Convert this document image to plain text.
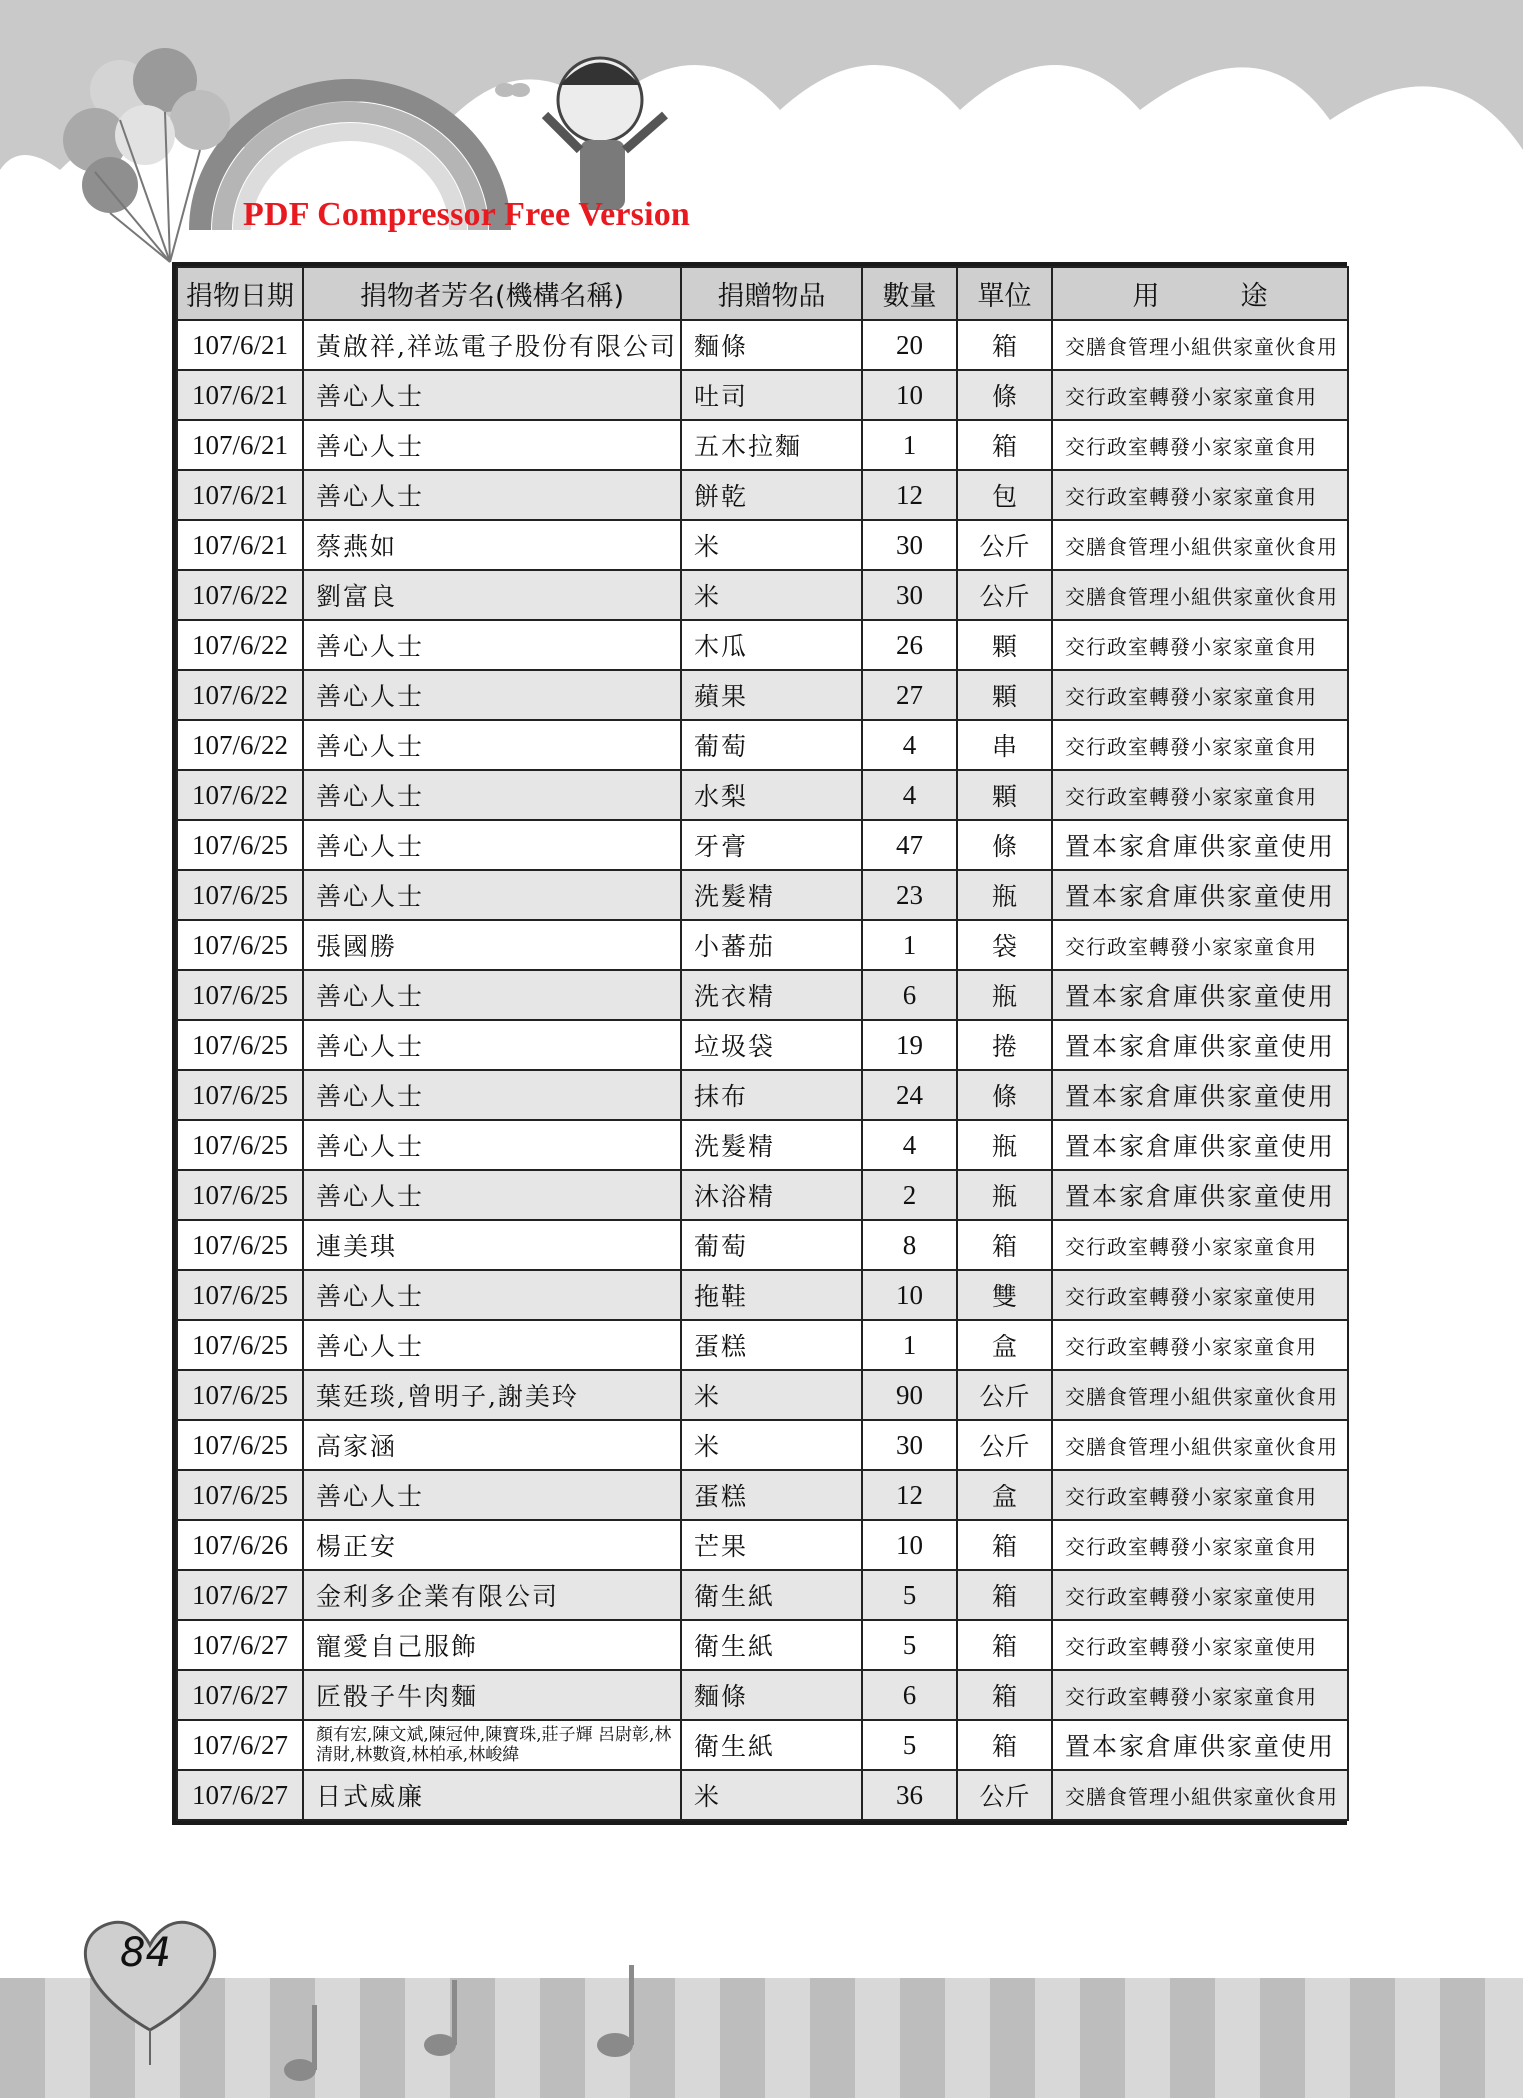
PDF Compressor Free Version
捐物日期	捐物者芳名(機構名稱)	捐贈物品	數量	單位	用　　　途
107/6/21	黃啟祥,祥竑電子股份有限公司	麵條	20	箱	交膳食管理小組供家童伙食用
107/6/21	善心人士	吐司	10	條	交行政室轉發小家家童食用
107/6/21	善心人士	五木拉麵	1	箱	交行政室轉發小家家童食用
107/6/21	善心人士	餅乾	12	包	交行政室轉發小家家童食用
107/6/21	蔡燕如	米	30	公斤	交膳食管理小組供家童伙食用
107/6/22	劉富良	米	30	公斤	交膳食管理小組供家童伙食用
107/6/22	善心人士	木瓜	26	顆	交行政室轉發小家家童食用
107/6/22	善心人士	蘋果	27	顆	交行政室轉發小家家童食用
107/6/22	善心人士	葡萄	4	串	交行政室轉發小家家童食用
107/6/22	善心人士	水梨	4	顆	交行政室轉發小家家童食用
107/6/25	善心人士	牙膏	47	條	置本家倉庫供家童使用
107/6/25	善心人士	洗髮精	23	瓶	置本家倉庫供家童使用
107/6/25	張國勝	小蕃茄	1	袋	交行政室轉發小家家童食用
107/6/25	善心人士	洗衣精	6	瓶	置本家倉庫供家童使用
107/6/25	善心人士	垃圾袋	19	捲	置本家倉庫供家童使用
107/6/25	善心人士	抹布	24	條	置本家倉庫供家童使用
107/6/25	善心人士	洗髮精	4	瓶	置本家倉庫供家童使用
107/6/25	善心人士	沐浴精	2	瓶	置本家倉庫供家童使用
107/6/25	連美琪	葡萄	8	箱	交行政室轉發小家家童食用
107/6/25	善心人士	拖鞋	10	雙	交行政室轉發小家家童使用
107/6/25	善心人士	蛋糕	1	盒	交行政室轉發小家家童食用
107/6/25	葉廷琰,曾明子,謝美玲	米	90	公斤	交膳食管理小組供家童伙食用
107/6/25	高家涵	米	30	公斤	交膳食管理小組供家童伙食用
107/6/25	善心人士	蛋糕	12	盒	交行政室轉發小家家童食用
107/6/26	楊正安	芒果	10	箱	交行政室轉發小家家童食用
107/6/27	金利多企業有限公司	衛生紙	5	箱	交行政室轉發小家家童使用
107/6/27	寵愛自己服飾	衛生紙	5	箱	交行政室轉發小家家童使用
107/6/27	匠骰子牛肉麵	麵條	6	箱	交行政室轉發小家家童食用
107/6/27	顏有宏,陳文斌,陳冠仲,陳寶珠,莊子輝 呂尉彰,林清財,林數資,林柏承,林峻緯	衛生紙	5	箱	置本家倉庫供家童使用
107/6/27	日式威廉	米	36	公斤	交膳食管理小組供家童伙食用
84
